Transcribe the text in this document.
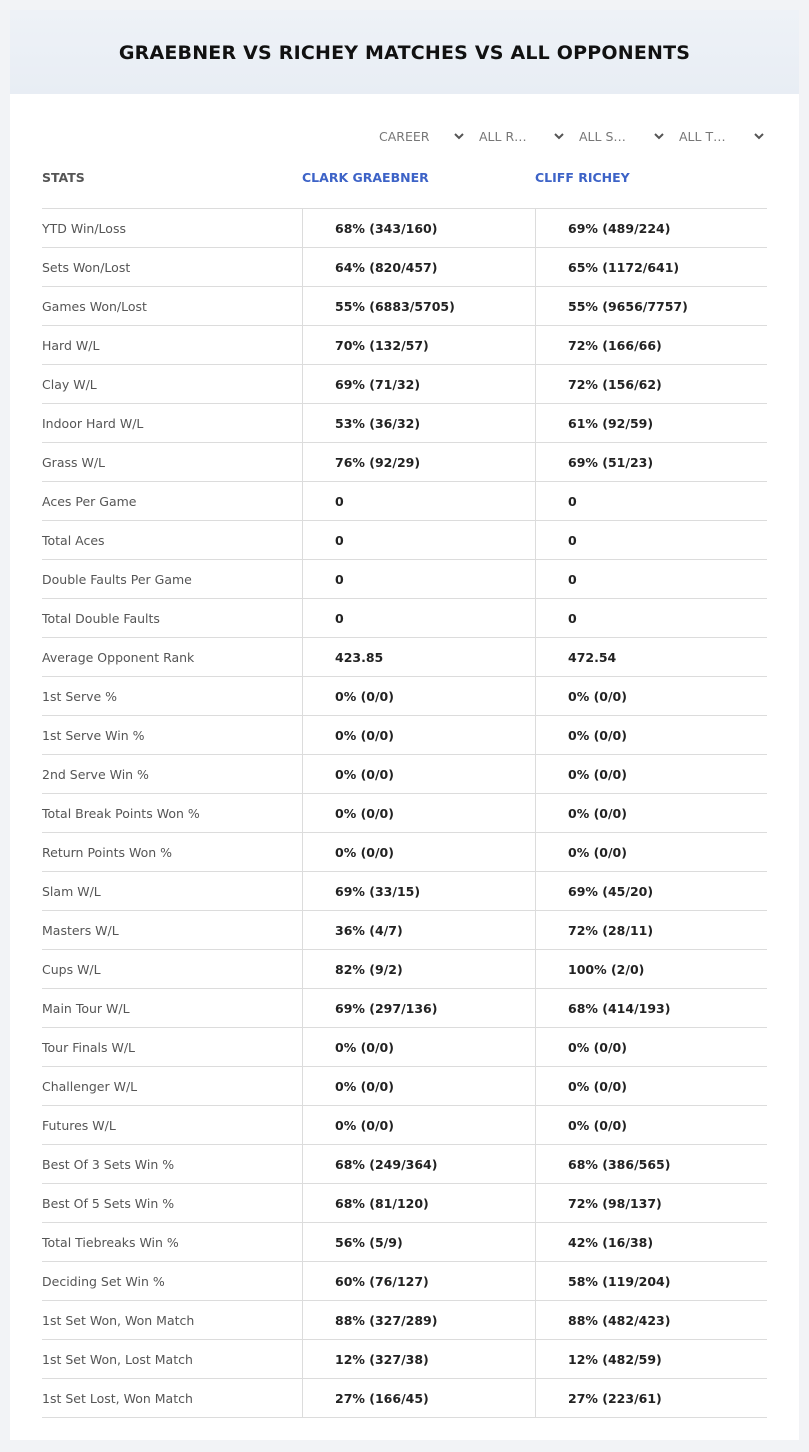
GRAEBNER VS RICHEY MATCHES VS ALL OPPONENTS
CAREER	ALL R…	ALL S…	ALL T…
STATS	CLARK GRAEBNER	CLIFF RICHEY
YTD Win/Loss	68% (343/160)	69% (489/224)
Sets Won/Lost	64% (820/457)	65% (1172/641)
Games Won/Lost	55% (6883/5705)	55% (9656/7757)
Hard W/L	70% (132/57)	72% (166/66)
Clay W/L	69% (71/32)	72% (156/62)
Indoor Hard W/L	53% (36/32)	61% (92/59)
Grass W/L	76% (92/29)	69% (51/23)
Aces Per Game	0	0
Total Aces	0	0
Double Faults Per Game	0	0
Total Double Faults	0	0
Average Opponent Rank	423.85	472.54
1st Serve %	0% (0/0)	0% (0/0)
1st Serve Win %	0% (0/0)	0% (0/0)
2nd Serve Win %	0% (0/0)	0% (0/0)
Total Break Points Won %	0% (0/0)	0% (0/0)
Return Points Won %	0% (0/0)	0% (0/0)
Slam W/L	69% (33/15)	69% (45/20)
Masters W/L	36% (4/7)	72% (28/11)
Cups W/L	82% (9/2)	100% (2/0)
Main Tour W/L	69% (297/136)	68% (414/193)
Tour Finals W/L	0% (0/0)	0% (0/0)
Challenger W/L	0% (0/0)	0% (0/0)
Futures W/L	0% (0/0)	0% (0/0)
Best Of 3 Sets Win %	68% (249/364)	68% (386/565)
Best Of 5 Sets Win %	68% (81/120)	72% (98/137)
Total Tiebreaks Win %	56% (5/9)	42% (16/38)
Deciding Set Win %	60% (76/127)	58% (119/204)
1st Set Won, Won Match	88% (327/289)	88% (482/423)
1st Set Won, Lost Match	12% (327/38)	12% (482/59)
1st Set Lost, Won Match	27% (166/45)	27% (223/61)
